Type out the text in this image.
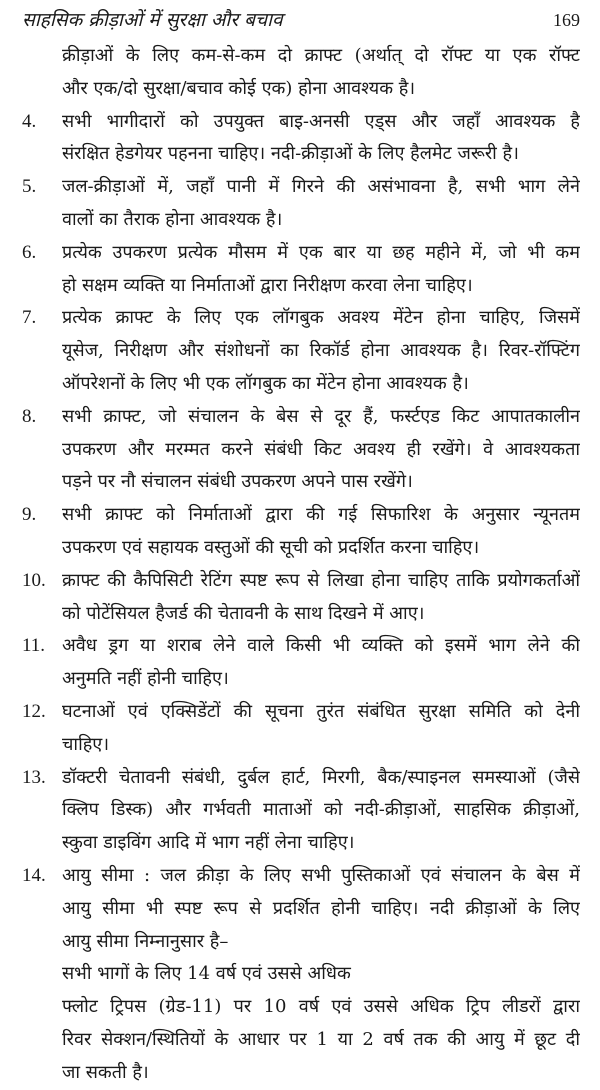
साहसिक क्रीड़ाओं में सुरक्षा और बचाव	169
क्रीड़ाओं के लिए कम-से-कम दो क्राफ्ट (अर्थात् दो रॉफ्ट या एक रॉफ्ट
और एक/दो सुरक्षा/बचाव कोई एक) होना आवश्यक है।
4.	सभी भागीदारों को उपयुक्त बाइ-अनसी एड्स और जहाँ आवश्यक है
संरक्षित हेडगेयर पहनना चाहिए। नदी-क्रीड़ाओं के लिए हैलमेट जरूरी है।
5.	जल-क्रीड़ाओं में, जहाँ पानी में गिरने की असंभावना है, सभी भाग लेने
वालों का तैराक होना आवश्यक है।
6.	प्रत्येक उपकरण प्रत्येक मौसम में एक बार या छह महीने में, जो भी कम
हो सक्षम व्यक्ति या निर्माताओं द्वारा निरीक्षण करवा लेना चाहिए।
7.	प्रत्येक क्राफ्ट के लिए एक लॉगबुक अवश्य मेंटेन होना चाहिए, जिसमें
यूसेज, निरीक्षण और संशोधनों का रिकॉर्ड होना आवश्यक है। रिवर-रॉफ्टिंग
ऑपरेशनों के लिए भी एक लॉगबुक का मेंटेन होना आवश्यक है।
8.	सभी क्राफ्ट, जो संचालन के बेस से दूर हैं, फर्स्टएड किट आपातकालीन
उपकरण और मरम्मत करने संबंधी किट अवश्य ही रखेंगे। वे आवश्यकता
पड़ने पर नौ संचालन संबंधी उपकरण अपने पास रखेंगे।
9.	सभी क्राफ्ट को निर्माताओं द्वारा की गई सिफारिश के अनुसार न्यूनतम
उपकरण एवं सहायक वस्तुओं की सूची को प्रदर्शित करना चाहिए।
10. क्राफ्ट की कैपिसिटी रेटिंग स्पष्ट रूप से लिखा होना चाहिए ताकि प्रयोगकर्ताओं
को पोटेंसियल हैजर्ड की चेतावनी के साथ दिखने में आए।
11. अवैध ड्रग या शराब लेने वाले किसी भी व्यक्ति को इसमें भाग लेने की
अनुमति नहीं होनी चाहिए।
12. घटनाओं एवं एक्सिडेंटों की सूचना तुरंत संबंधित सुरक्षा समिति को देनी
चाहिए।
13. डॉक्टरी चेतावनी संबंधी, दुर्बल हार्ट, मिरगी, बैक/स्पाइनल समस्याओं (जैसे
क्लिप डिस्क) और गर्भवती माताओं को नदी-क्रीड़ाओं, साहसिक क्रीड़ाओं,
स्कुवा डाइविंग आदि में भाग नहीं लेना चाहिए।
14. आयु सीमा : जल क्रीड़ा के लिए सभी पुस्तिकाओं एवं संचालन के बेस में
आयु सीमा भी स्पष्ट रूप से प्रदर्शित होनी चाहिए। नदी क्रीड़ाओं के लिए
आयु सीमा निम्नानुसार है–
सभी भागों के लिए 14 वर्ष एवं उससे अधिक
फ्लोट ट्रिपस (ग्रेड-11) पर 10 वर्ष एवं उससे अधिक ट्रिप लीडरों द्वारा
रिवर सेक्शन/स्थितियों के आधार पर 1 या 2 वर्ष तक की आयु में छूट दी
जा सकती है।
